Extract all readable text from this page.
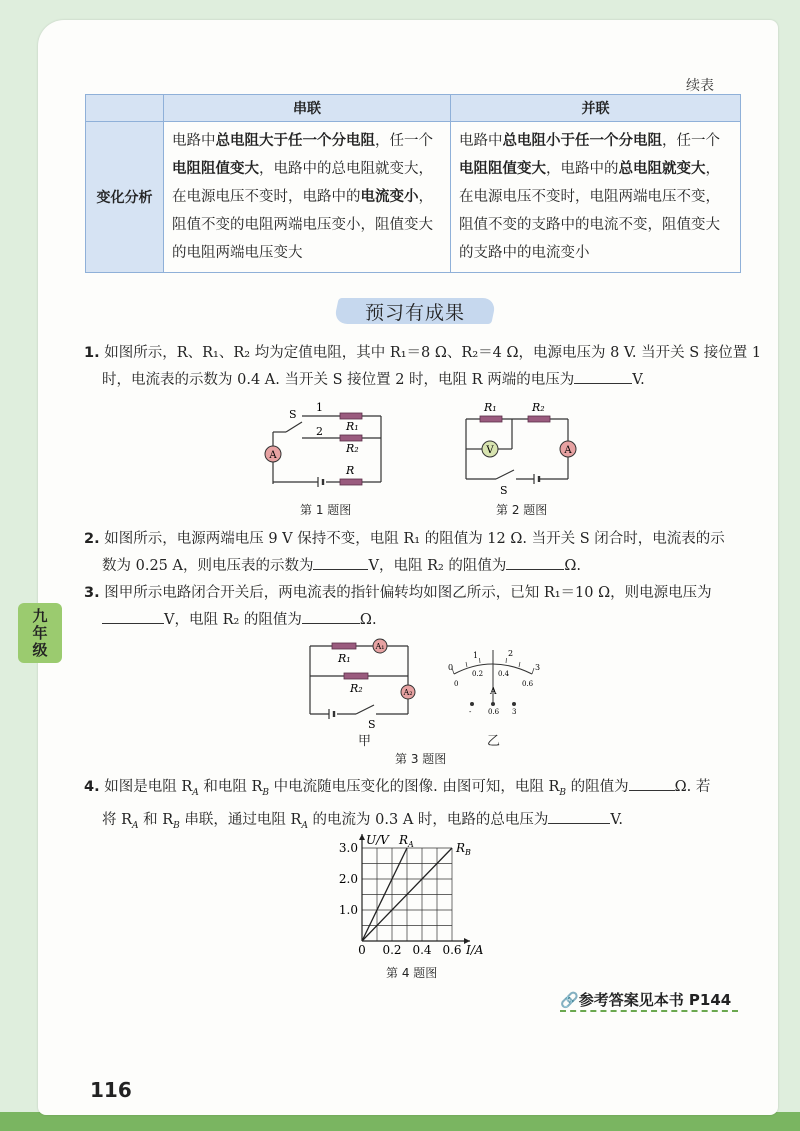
续表
	串联	并联
变化分析	电路中总电阻大于任一个分电阻，任一个电阻阻值变大，电路中的总电阻就变大，在电源电压不变时，电路中的电流变小，阻值不变的电阻两端电压变小，阻值变大的电阻两端电压变大	电路中总电阻小于任一个分电阻，任一个电阻阻值变大，电路中的总电阻就变大，在电源电压不变时，电阻两端电压不变，阻值不变的支路中的电流不变，阻值变大的支路中的电流变小
预习有成果
1. 如图所示，R、R₁、R₂ 均为定值电阻，其中 R₁＝8 Ω、R₂＝4 Ω，电源电压为 8 V. 当开关 S 接位置 1
时，电流表的示数为 0.4 A. 当开关 S 接位置 2 时，电阻 R 两端的电压为	V.
A
S
1
2 R₁
R₂
R
第 1 题图
V	A
R₁	R₂
S
第 2 题图
2. 如图所示，电源两端电压 9 V 保持不变，电阻 R₁ 的阻值为 12 Ω. 当开关 S 闭合时，电流表的示
数为 0.25 A，则电压表的示数为	V，电阻 R₂ 的阻值为	Ω.
3. 图甲所示电路闭合开关后，两电流表的指针偏转均如图乙所示，已知 R₁＝10 Ω，则电源电压为
V，电阻 R₂ 的阻值为	Ω.
九
年
级	A₁
A₂
R₁
R₂
S
甲
0
1	2
3
0
0.2 0.4
0.6
A
- 0.6 3
乙
第 3 题图
4. 如图是电阻 $R_A$ 和电阻 $R_B$ 中电流随电压变化的图像. 由图可知，电阻 $R_B$ 的阻值为	Ω. 若
将 $R_A$ 和 $R_B$ 串联，通过电阻 $R_A$ 的电流为 0.3 A 时，电路的总电压为	V.
0 0.2 0.4 0.6
1.0
2.0
3.0
I/A
U/V $R_A$	$R_B$
第 4 题图
🔗参考答案见本书 P144
116
